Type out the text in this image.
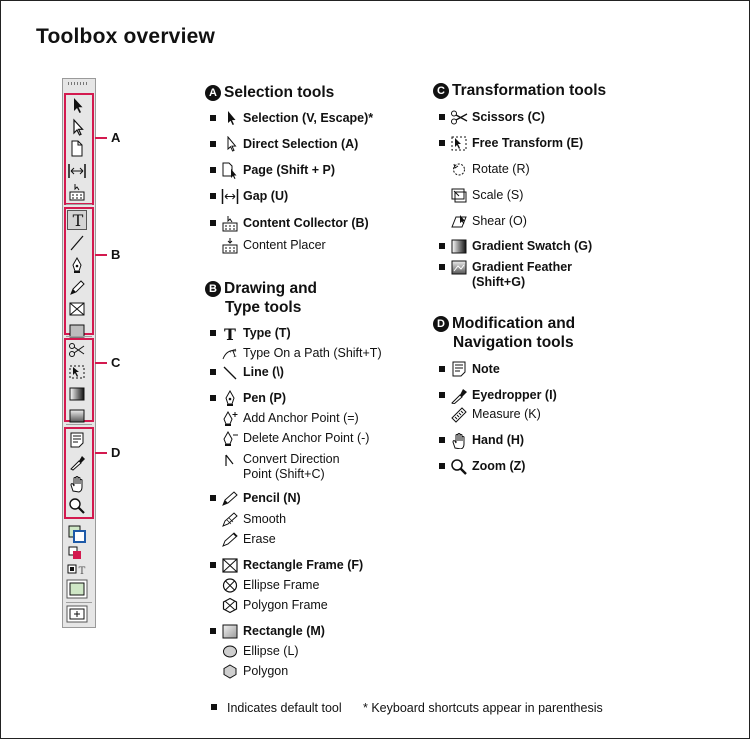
Toolbox overview
T
T
A
B
C
D
A Selection tools
Selection (V, Escape)*
Direct Selection (A)
Page (Shift + P)
Gap (U)
Content Collector (B)
Content Placer
B Drawing and
Type tools
T Type (T)
T Type On a Path (Shift+T)
Line (\)
Pen (P)
Add Anchor Point (=)
Delete Anchor Point (-)
Convert Direction
Point (Shift+C)
Pencil (N)
Smooth
Erase
Rectangle Frame (F)
Ellipse Frame
Polygon Frame
Rectangle (M)
Ellipse (L)
Polygon
C Transformation tools
Scissors (C)
Free Transform (E)
Rotate (R)
Scale (S)
Shear (O)
Gradient Swatch (G)
Gradient Feather
(Shift+G)
D Modification and
Navigation tools
Note
Eyedropper (I)
Measure (K)
Hand (H)
Zoom (Z)
Indicates default tool * Keyboard shortcuts appear in parenthesis
